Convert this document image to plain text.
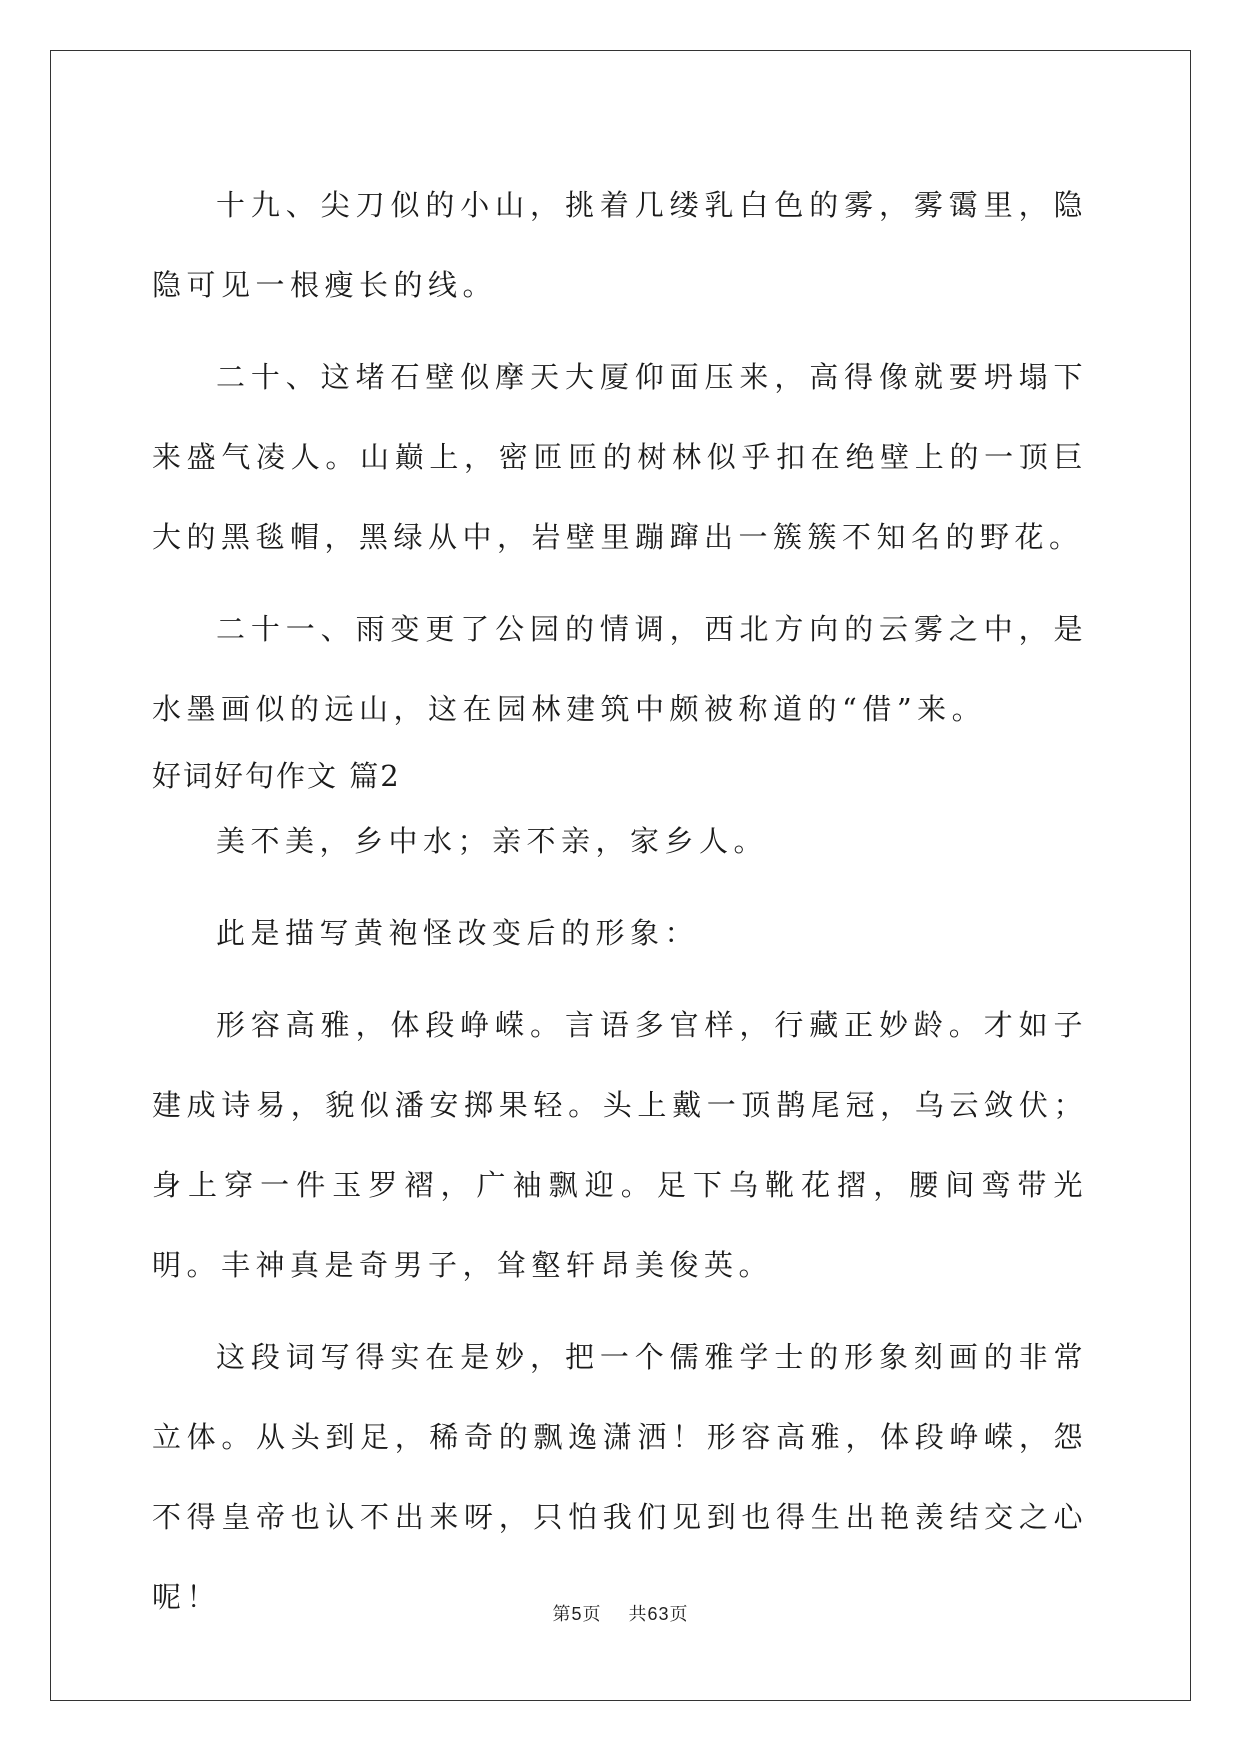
十九、尖刀似的小山，挑着几缕乳白色的雾，雾霭里，隐隐可见一根瘦长的线。

二十、这堵石壁似摩天大厦仰面压来，高得像就要坍塌下来盛气凌人。山巅上，密匝匝的树林似乎扣在绝壁上的一顶巨大的黑毯帽，黑绿从中，岩壁里蹦蹿出一簇簇不知名的野花。

二十一、雨变更了公园的情调，西北方向的云雾之中，是水墨画似的远山，这在园林建筑中颇被称道的“借”来。

好词好句作文 篇2

美不美，乡中水；亲不亲，家乡人。

此是描写黄袍怪改变后的形象：

形容高雅，体段峥嵘。言语多官样，行藏正妙龄。才如子建成诗易，貌似潘安掷果轻。头上戴一顶鹊尾冠，乌云敛伏；身上穿一件玉罗褶，广袖飘迎。足下乌靴花摺，腰间鸾带光明。丰神真是奇男子，耸壑轩昂美俊英。

这段词写得实在是妙，把一个儒雅学士的形象刻画的非常立体。从头到足，稀奇的飘逸潇洒！形容高雅，体段峥嵘，怨不得皇帝也认不出来呀，只怕我们见到也得生出艳羡结交之心呢！

第5页 共63页
